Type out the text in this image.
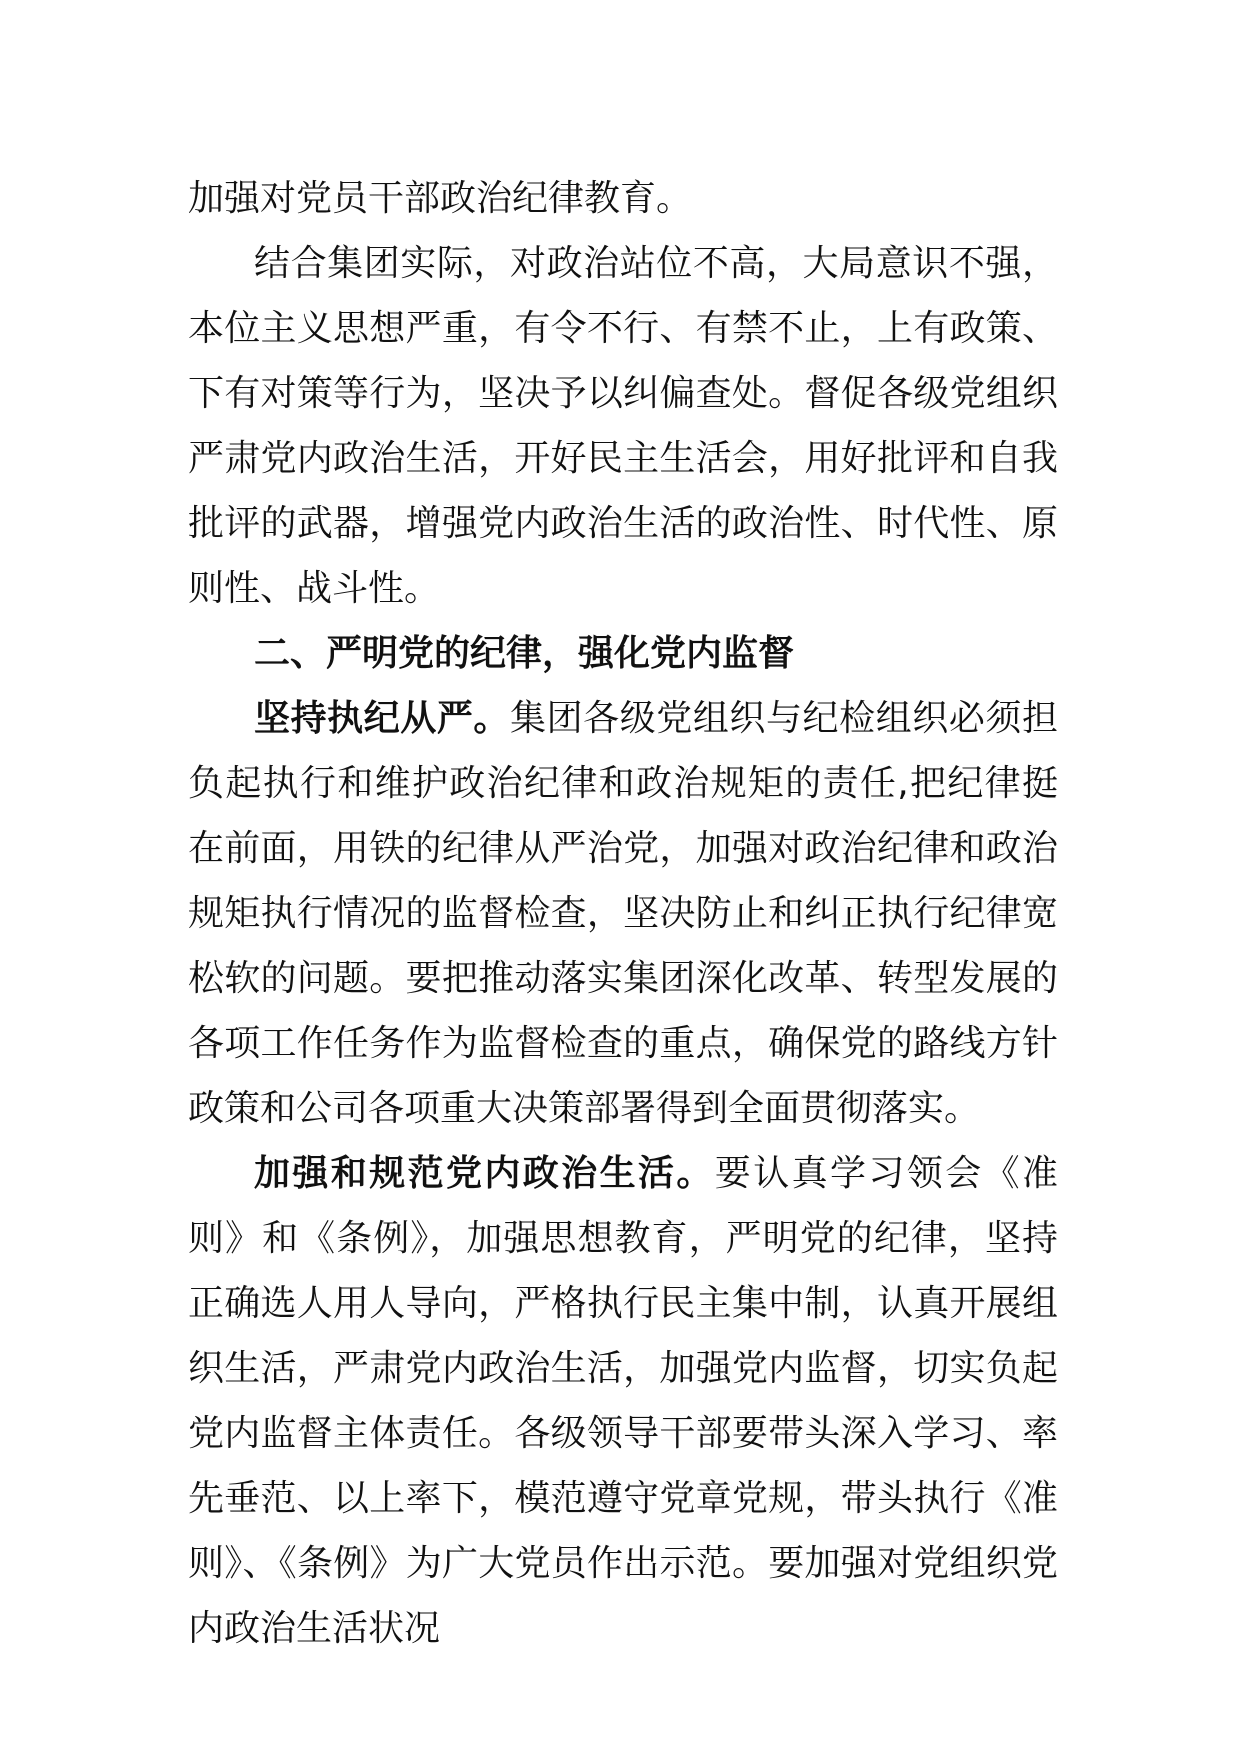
加强对党员干部政治纪律教育。

结合集团实际，对政治站位不高，大局意识不强，本位主义思想严重，有令不行、有禁不止，上有政策、下有对策等行为，坚决予以纠偏查处。督促各级党组织严肃党内政治生活，开好民主生活会，用好批评和自我批评的武器，增强党内政治生活的政治性、时代性、原则性、战斗性。

二、严明党的纪律，强化党内监督

坚持执纪从严。集团各级党组织与纪检组织必须担负起执行和维护政治纪律和政治规矩的责任,把纪律挺在前面，用铁的纪律从严治党，加强对政治纪律和政治规矩执行情况的监督检查，坚决防止和纠正执行纪律宽松软的问题。要把推动落实集团深化改革、转型发展的各项工作任务作为监督检查的重点，确保党的路线方针政策和公司各项重大决策部署得到全面贯彻落实。

加强和规范党内政治生活。要认真学习领会《准则》和《条例》，加强思想教育，严明党的纪律，坚持正确选人用人导向，严格执行民主集中制，认真开展组织生活，严肃党内政治生活，加强党内监督，切实负起党内监督主体责任。各级领导干部要带头深入学习、率先垂范、以上率下，模范遵守党章党规，带头执行《准则》、《条例》为广大党员作出示范。要加强对党组织党内政治生活状况
